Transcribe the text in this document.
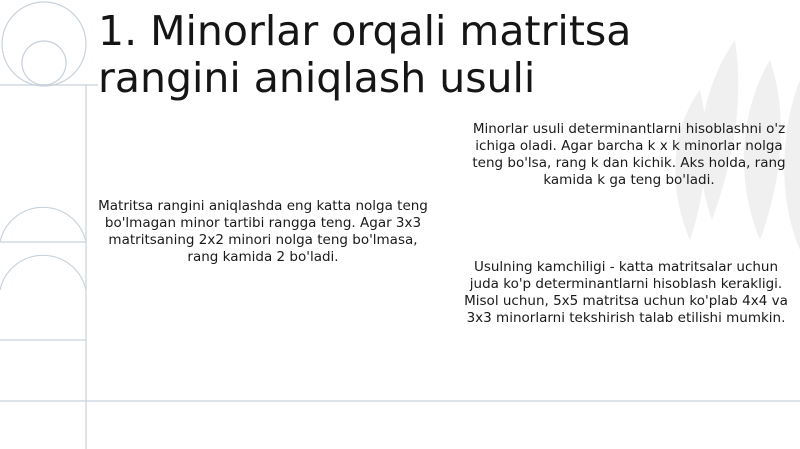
1. Minorlar orqali matritsa rangini aniqlash usuli

Matritsa rangini aniqlashda eng katta nolga teng bo'lmagan minor tartibi rangga teng. Agar 3x3 matritsaning 2x2 minori nolga teng bo'lmasa, rang kamida 2 bo'ladi.

Minorlar usuli determinantlarni hisoblashni o'z ichiga oladi. Agar barcha k x k minorlar nolga teng bo'lsa, rang k dan kichik. Aks holda, rang kamida k ga teng bo'ladi.

Usulning kamchiligi - katta matritsalar uchun juda ko'p determinantlarni hisoblash kerakligi. Misol uchun, 5x5 matritsa uchun ko'plab 4x4 va 3x3 minorlarni tekshirish talab etilishi mumkin.
